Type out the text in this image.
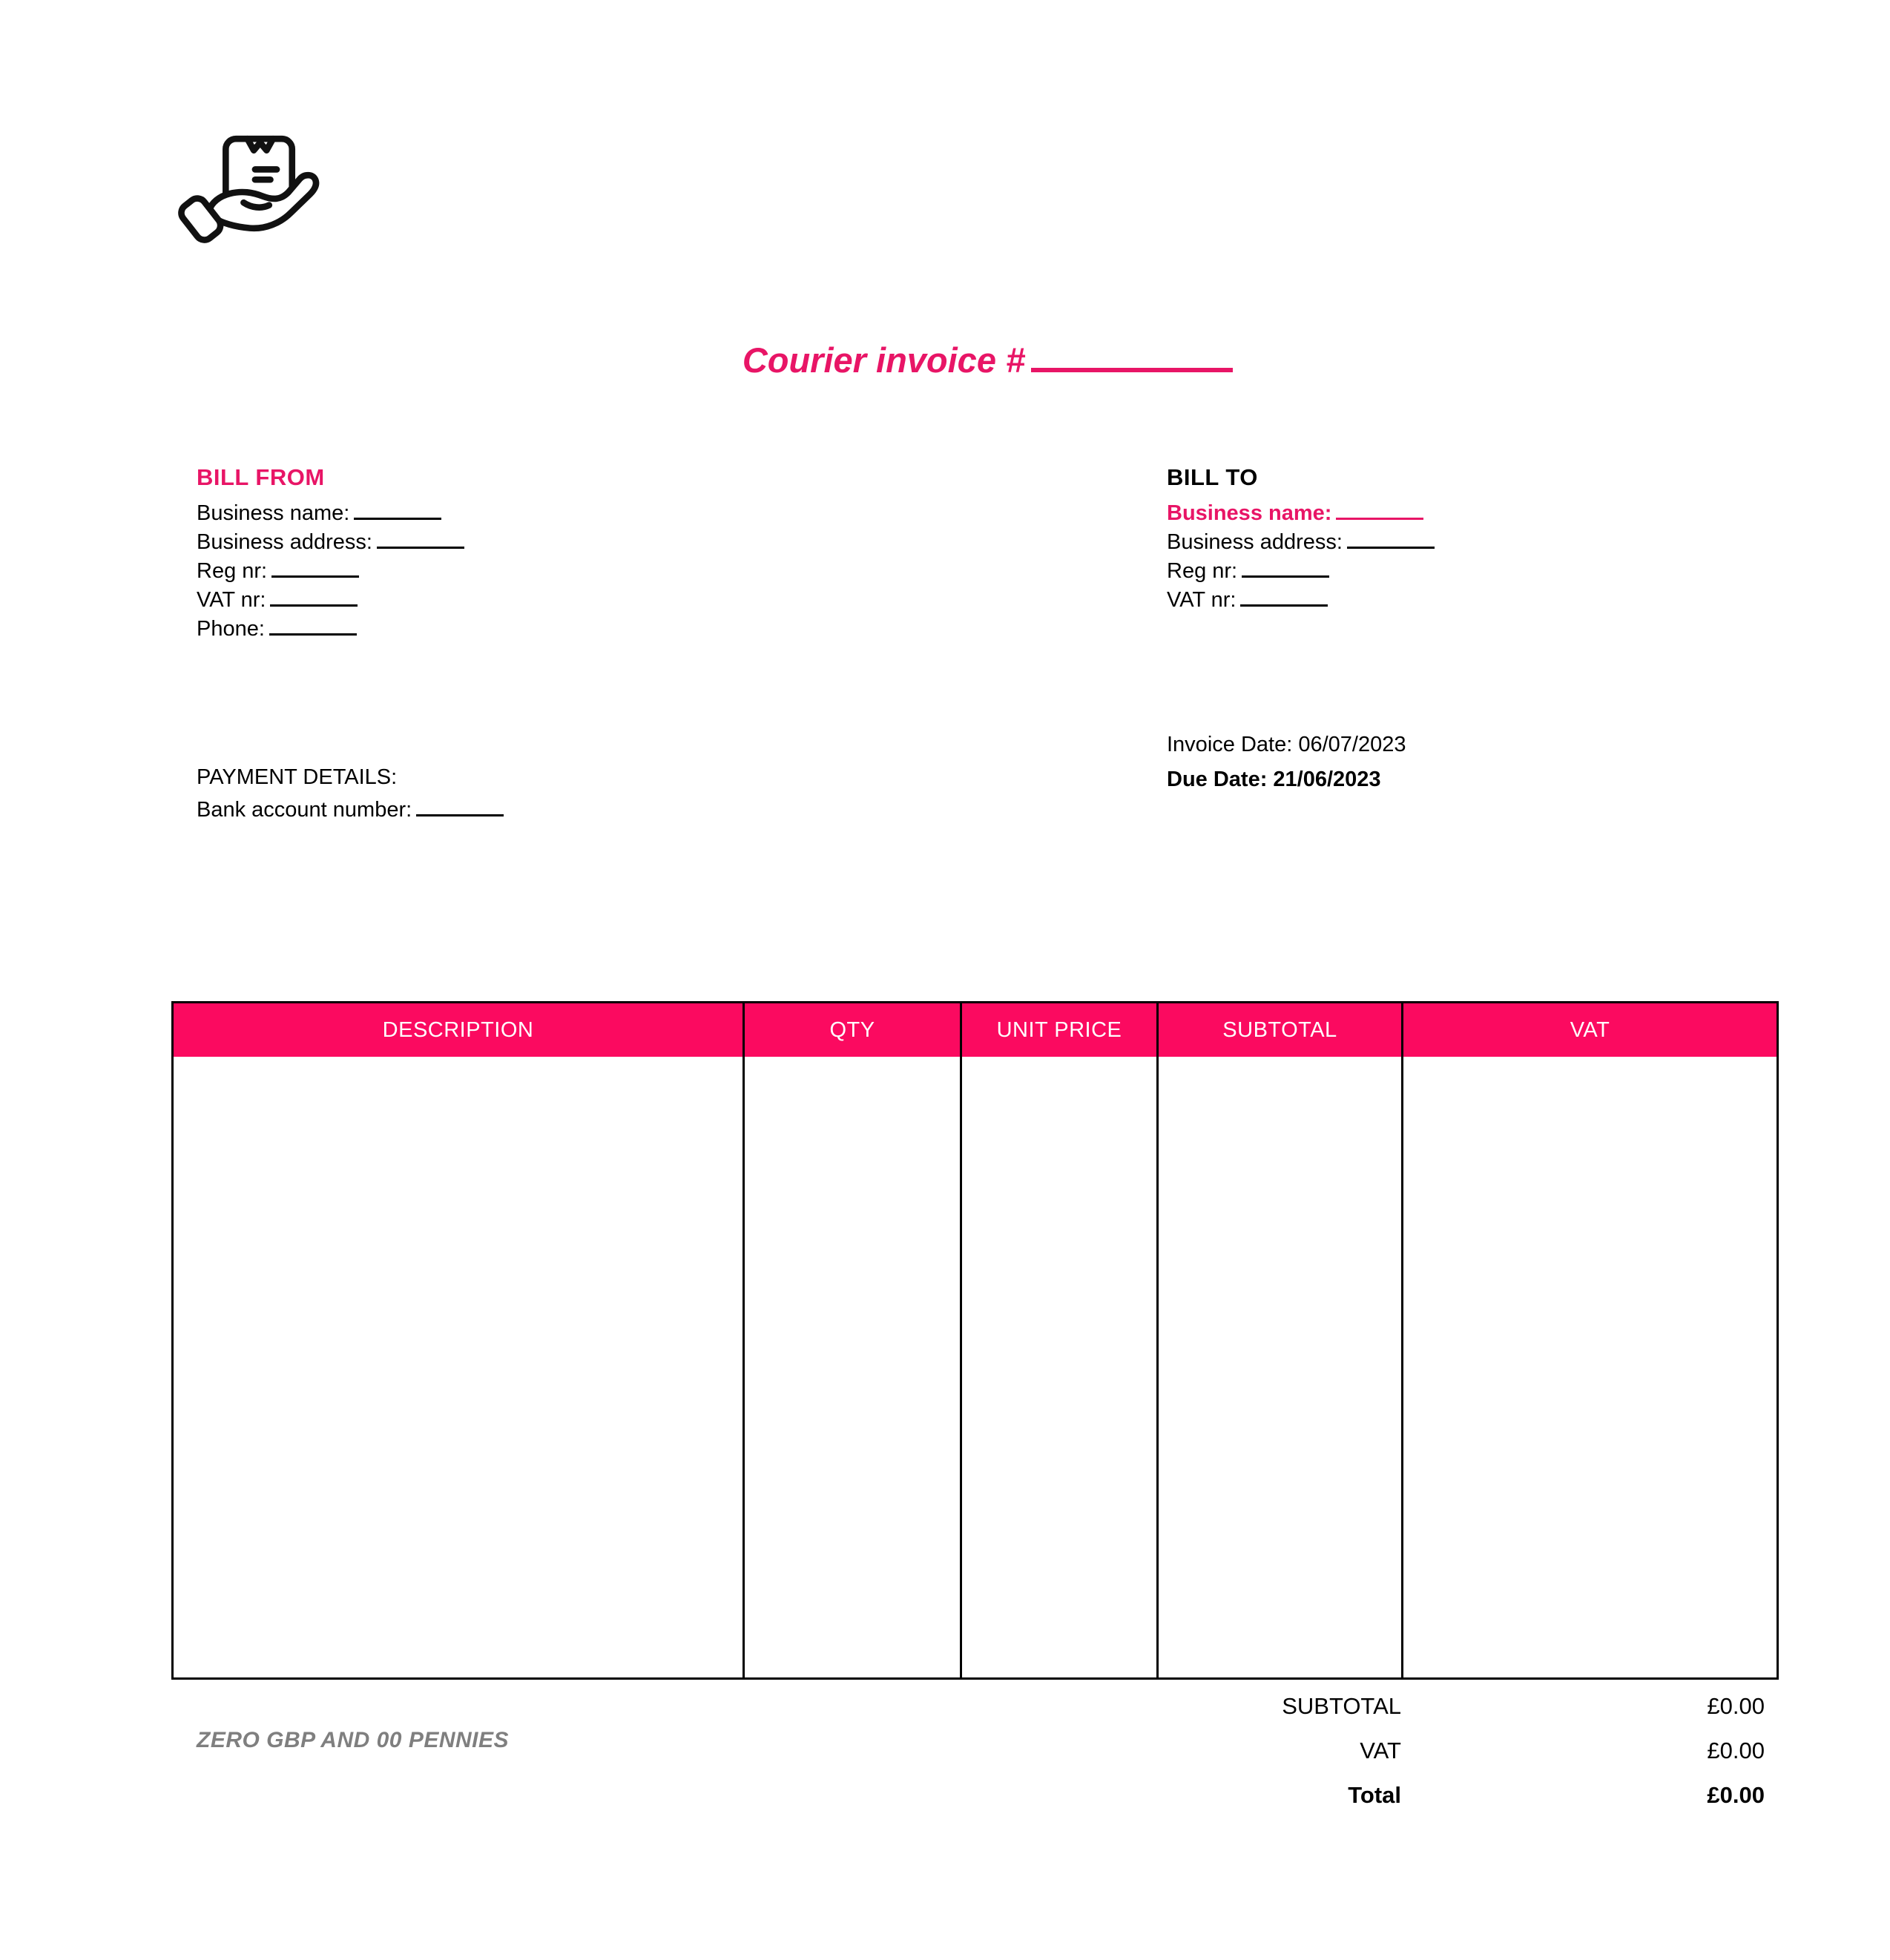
Courier invoice #
BILL FROM
Business name:
Business address:
Reg nr:
VAT nr:
Phone:
BILL TO
Business name:
Business address:
Reg nr:
VAT nr:
Invoice Date: 06/07/2023
Due Date: 21/06/2023
PAYMENT DETAILS:
Bank account number:
DESCRIPTION	QTY	UNIT PRICE	SUBTOTAL	VAT
SUBTOTAL	£0.00
VAT	£0.00
Total	£0.00
ZERO GBP AND 00 PENNIES
